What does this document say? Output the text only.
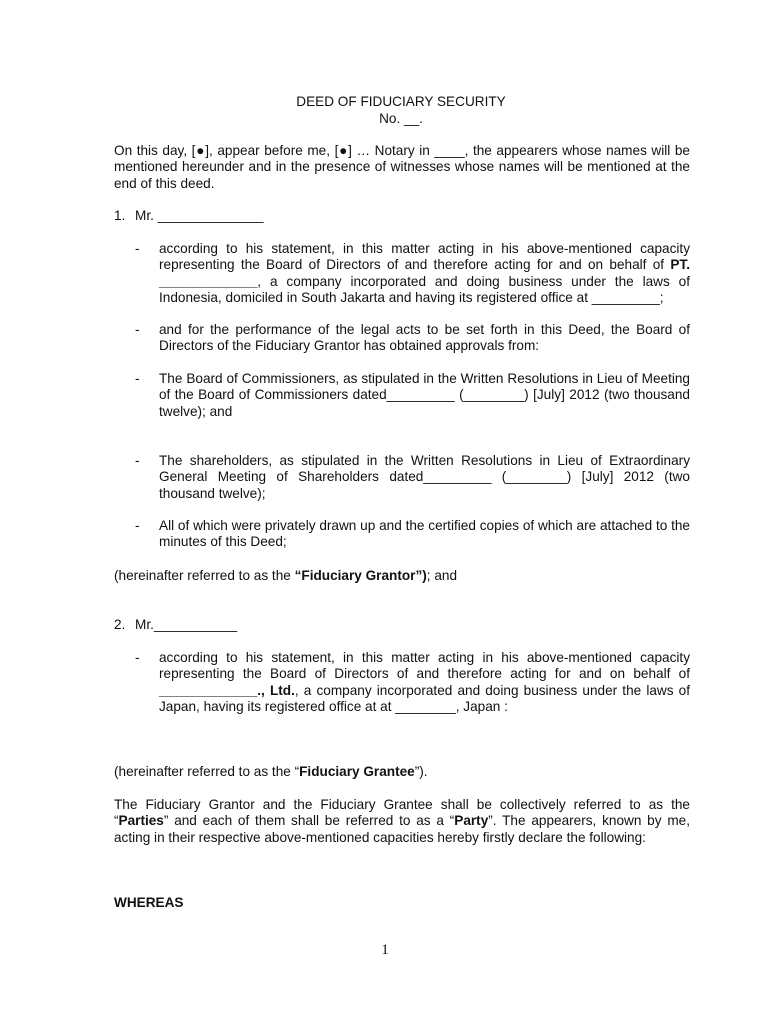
DEED OF FIDUCIARY SECURITY
No. __.

On this day, [●], appear before me, [●] … Notary in ____, the appearers whose names will be mentioned hereunder and in the presence of witnesses whose names will be mentioned at the end of this deed.

1. Mr. ______________
- according to his statement, in this matter acting in his above-mentioned capacity representing the Board of Directors of and therefore acting for and on behalf of PT. _____________, a company incorporated and doing business under the laws of Indonesia, domiciled in South Jakarta and having its registered office at _________;

- and for the performance of the legal acts to be set forth in this Deed, the Board of Directors of the Fiduciary Grantor has obtained approvals from:

- The Board of Commissioners, as stipulated in the Written Resolutions in Lieu of Meeting of the Board of Commissioners dated_________ (________) [July] 2012 (two thousand twelve); and

- The shareholders, as stipulated in the Written Resolutions in Lieu of Extraordinary General Meeting of Shareholders dated_________ (________) [July] 2012 (two thousand twelve);

- All of which were privately drawn up and the certified copies of which are attached to the minutes of this Deed;

(hereinafter referred to as the “Fiduciary Grantor”); and

2. Mr.___________
- according to his statement, in this matter acting in his above-mentioned capacity representing the Board of Directors of and therefore acting for and on behalf of _____________., Ltd., a company incorporated and doing business under the laws of Japan, having its registered office at at ________, Japan :

(hereinafter referred to as the “Fiduciary Grantee”).

The Fiduciary Grantor and the Fiduciary Grantee shall be collectively referred to as the “Parties” and each of them shall be referred to as a “Party”. The appearers, known by me, acting in their respective above-mentioned capacities hereby firstly declare the following:

WHEREAS
1
